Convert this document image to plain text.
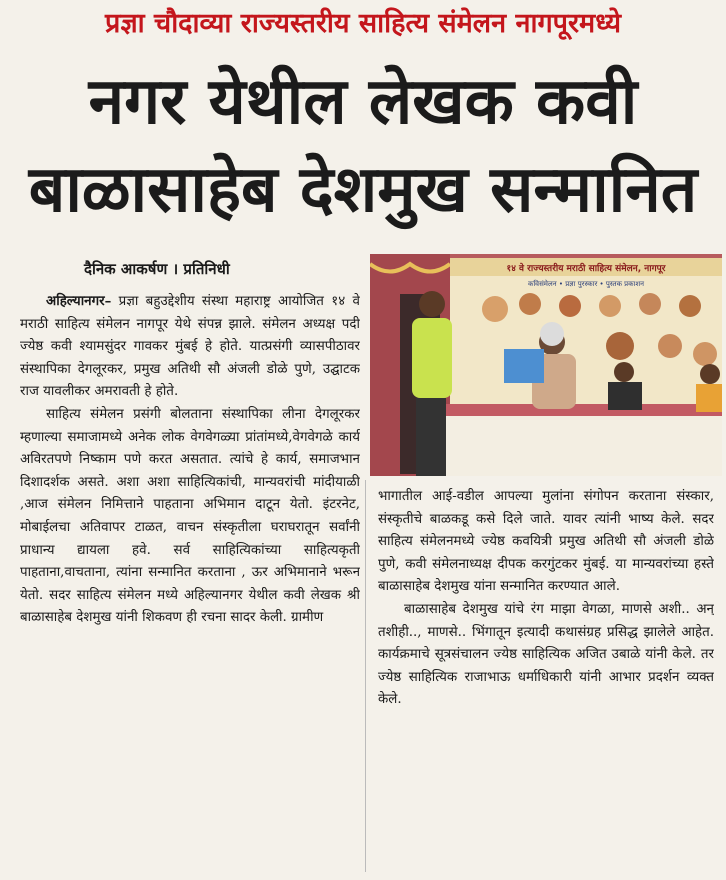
प्रज्ञा चौदाव्या राज्यस्तरीय साहित्य संमेलन नागपूरमध्ये
नगर येथील लेखक कवी
बाळासाहेब देशमुख सन्मानित
दैनिक आकर्षण । प्रतिनिधी

अहिल्यानगर– प्रज्ञा बहुउद्देशीय संस्था महाराष्ट्र आयोजित १४ वे मराठी साहित्य संमेलन नागपूर येथे संपन्न झाले. संमेलन अध्यक्ष पदी ज्येष्ठ कवी श्यामसुंदर गावकर मुंबई हे होते. यात्प्रसंगी व्यासपीठावर संस्थापिका देगलूरकर, प्रमुख अतिथी सौ अंजली डोळे पुणे, उद्घाटक राज यावलीकर अमरावती हे होते.

साहित्य संमेलन प्रसंगी बोलताना संस्थापिका लीना देगलूरकर म्हणाल्या समाजामध्ये अनेक लोक वेगवेगळ्या प्रांतांमध्ये,वेगवेगळे कार्य अविरतपणे निष्काम पणे करत असतात. त्यांचे हे कार्य, समाजभान दिशादर्शक असते. अशा अशा साहित्यिकांची, मान्यवरांची मांदीयाळी ,आज संमेलन निमित्ताने पाहताना अभिमान दाटून येतो. इंटरनेट, मोबाईलचा अतिवापर टाळत, वाचन संस्कृतीला घराघरातून सर्वांनी प्राधान्य द्यायला हवे. सर्व साहित्यिकांच्या साहित्यकृती पाहताना,वाचताना, त्यांना सन्मानित करताना , ऊर अभिमानाने भरून येतो. सदर साहित्य संमेलन मध्ये अहिल्यानगर येथील कवी लेखक श्री बाळासाहेब देशमुख यांनी शिकवण ही रचना सादर केली. ग्रामीण

१४ वे राज्यस्तरीय मराठी साहित्य संमेलन, नागपूर
कविसंमेलन • प्रज्ञा पुरस्कार • पुस्तक प्रकाशन

भागातील आई-वडील आपल्या मुलांना संगोपन करताना संस्कार, संस्कृतीचे बाळकडू कसे दिले जाते. यावर त्यांनी भाष्य केले. सदर साहित्य संमेलनमध्ये ज्येष्ठ कवयित्री प्रमुख अतिथी सौ अंजली डोळे पुणे, कवी संमेलनाध्यक्ष दीपक करगुंटकर मुंबई. या मान्यवरांच्या हस्ते बाळासाहेब देशमुख यांना सन्मानित करण्यात आले.

बाळासाहेब देशमुख यांचे रंग माझा वेगळा, माणसे अशी.. अन् तशीही.., माणसे.. भिंगातून इत्यादी कथासंग्रह प्रसिद्ध झालेले आहेत. कार्यक्रमाचे सूत्रसंचालन ज्येष्ठ साहित्यिक अजित उबाळे यांनी केले. तर ज्येष्ठ साहित्यिक राजाभाऊ धर्माधिकारी यांनी आभार प्रदर्शन व्यक्त केले.
